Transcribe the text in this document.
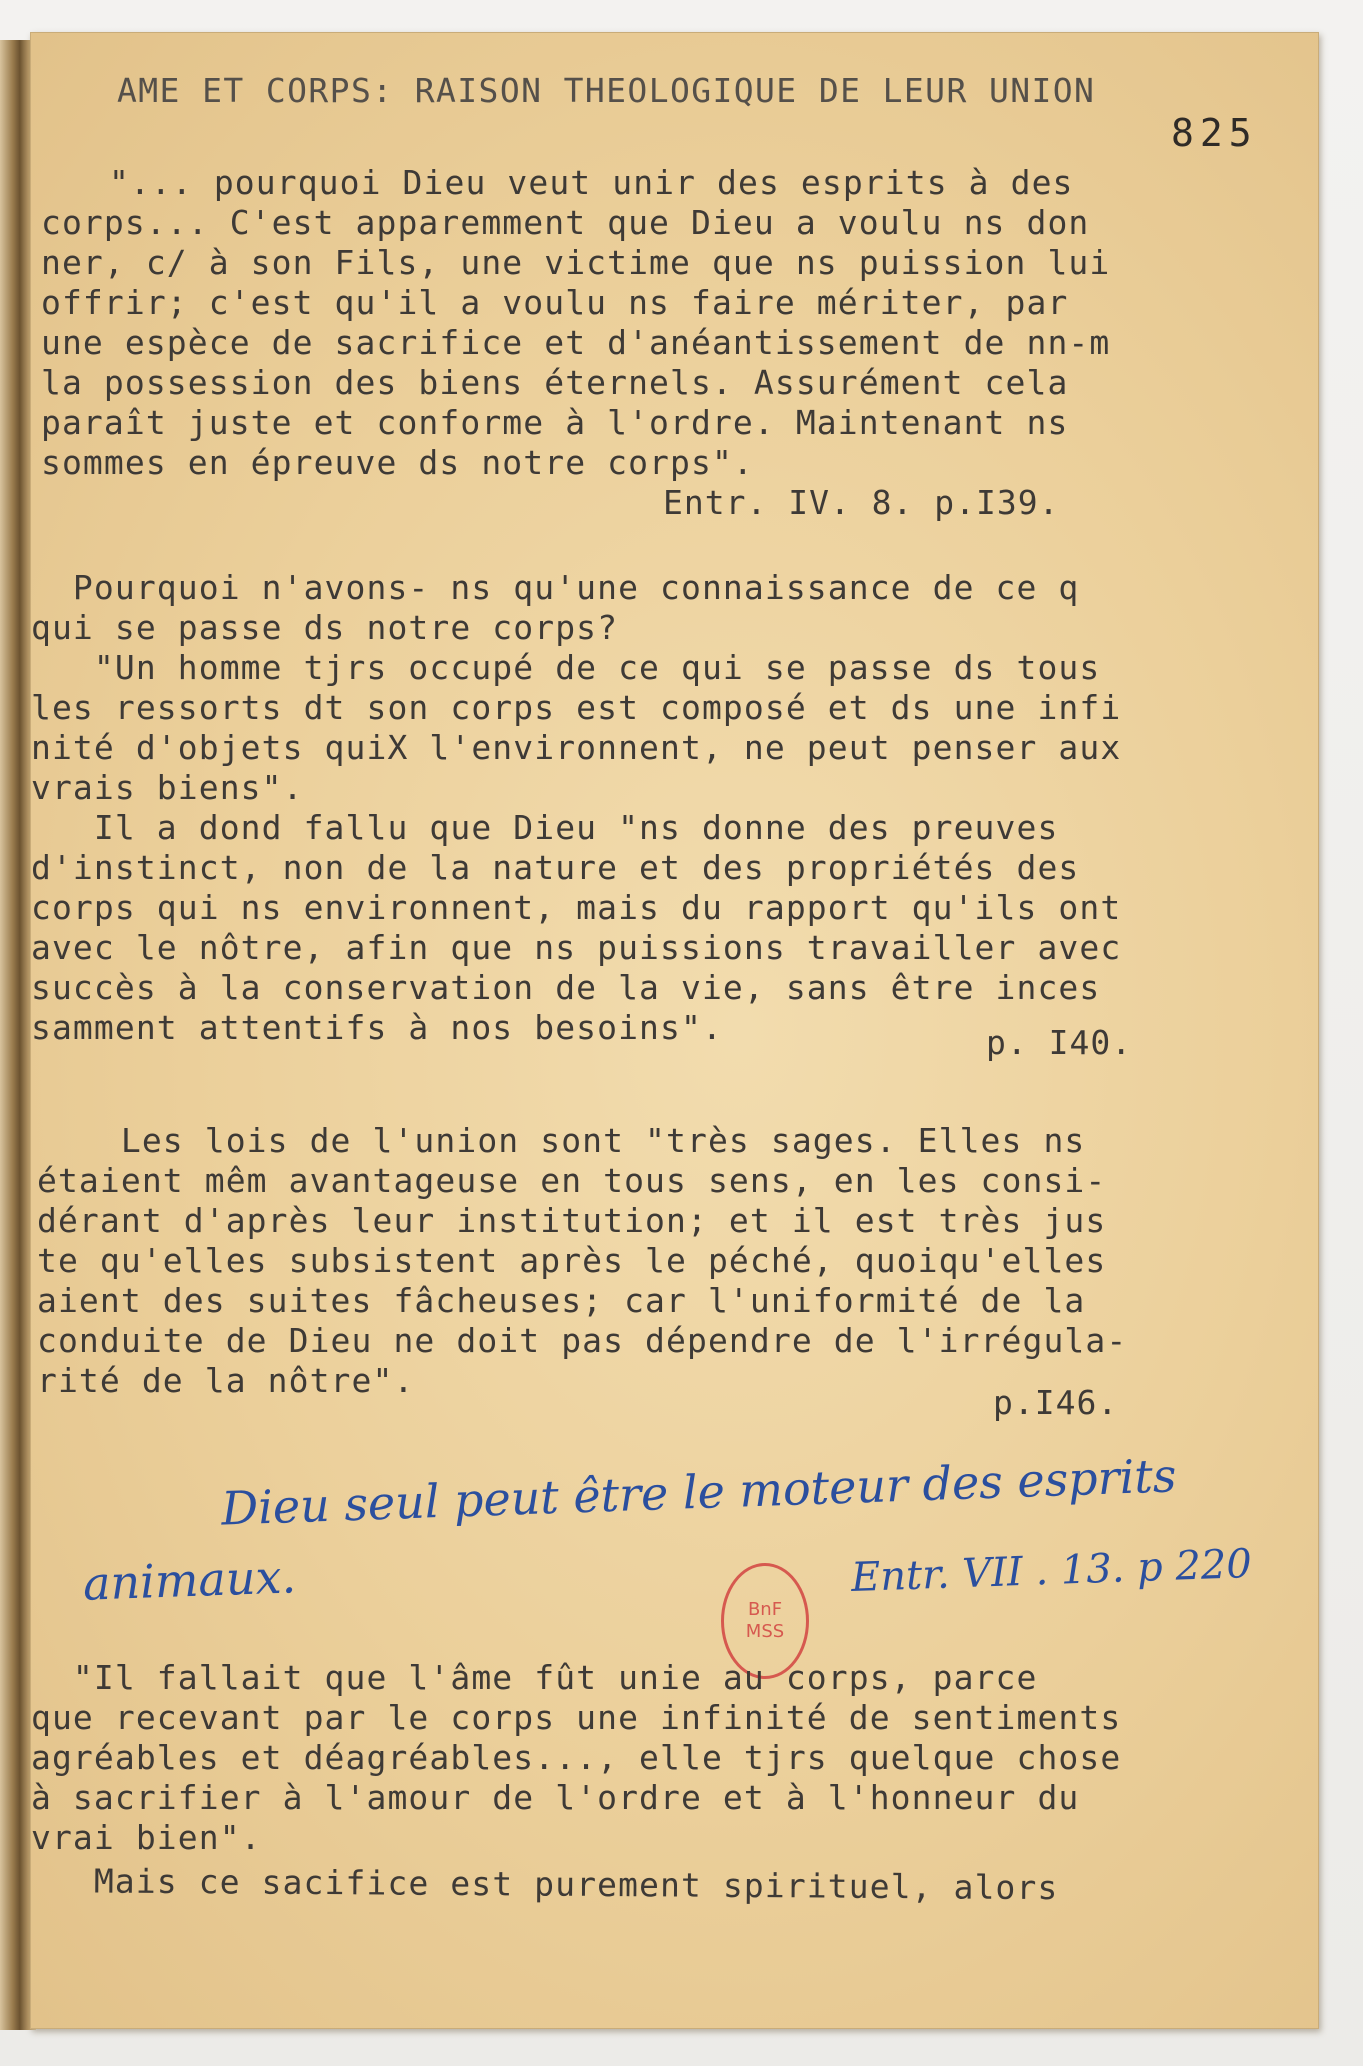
AME ET CORPS: RAISON THEOLOGIQUE DE LEUR UNION
825
"... pourquoi Dieu veut unir des esprits à des
corps... C'est apparemment que Dieu a voulu ns don
ner, c/ à son Fils, une victime que ns puission lui
offrir; c'est qu'il a voulu ns faire mériter, par
une espèce de sacrifice et d'anéantissement de nn-m
la possession des biens éternels. Assurément cela
paraît juste et conforme à l'ordre. Maintenant ns
sommes en épreuve ds notre corps".
Entr. IV. 8. p.I39.
Pourquoi n'avons- ns qu'une connaissance de ce q
qui se passe ds notre corps?
"Un homme tjrs occupé de ce qui se passe ds tous
les ressorts dt son corps est composé et ds une infi
nité d'objets quiX l'environnent, ne peut penser aux
vrais biens".
Il a dond fallu que Dieu "ns donne des preuves
d'instinct, non de la nature et des propriétés des
corps qui ns environnent, mais du rapport qu'ils ont
avec le nôtre, afin que ns puissions travailler avec
succès à la conservation de la vie, sans être inces
samment attentifs à nos besoins".	p. I40.
Les lois de l'union sont "très sages. Elles ns
étaient mêm avantageuse en tous sens, en les consi-
dérant d'après leur institution; et il est très jus
te qu'elles subsistent après le péché, quoiqu'elles
aient des suites fâcheuses; car l'uniformité de la
conduite de Dieu ne doit pas dépendre de l'irrégula-
rité de la nôtre".
p.I46.
Dieu seul peut être le moteur des esprits
animaux.	Entr. VII . 13. p 220
BnF
MSS
"Il fallait que l'âme fût unie au corps, parce
que recevant par le corps une infinité de sentiments
agréables et déagréables..., elle tjrs quelque chose
à sacrifier à l'amour de l'ordre et à l'honneur du
vrai bien".
Mais ce sacifice est purement spirituel, alors
